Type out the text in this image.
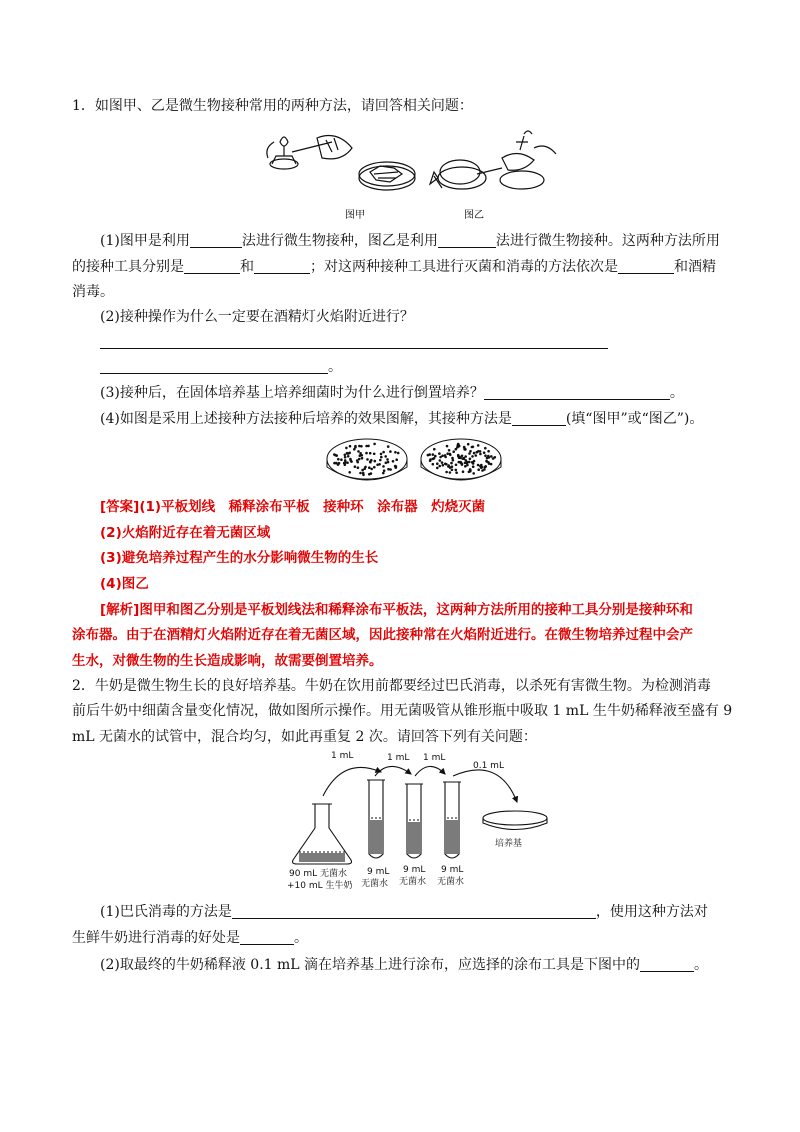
1．如图甲、乙是微生物接种常用的两种方法，请回答相关问题：
图甲	图乙
(1)图甲是利用	法进行微生物接种，图乙是利用	法进行微生物接种。这两种方法所用
的接种工具分别是	和	；对这两种接种工具进行灭菌和消毒的方法依次是	和酒精
消毒。
(2)接种操作为什么一定要在酒精灯火焰附近进行？
。
(3)接种后，在固体培养基上培养细菌时为什么进行倒置培养？	。
(4)如图是采用上述接种方法接种后培养的效果图解，其接种方法是	(填“图甲”或“图乙”)。
[答案](1)平板划线　稀释涂布平板　接种环　涂布器　灼烧灭菌
(2)火焰附近存在着无菌区域
(3)避免培养过程产生的水分影响微生物的生长
(4)图乙
[解析]图甲和图乙分别是平板划线法和稀释涂布平板法，这两种方法所用的接种工具分别是接种环和
涂布器。由于在酒精灯火焰附近存在着无菌区域，因此接种常在火焰附近进行。在微生物培养过程中会产
生水，对微生物的生长造成影响，故需要倒置培养。
2．牛奶是微生物生长的良好培养基。牛奶在饮用前都要经过巴氏消毒，以杀死有害微生物。为检测消毒
前后牛奶中细菌含量变化情况，做如图所示操作。用无菌吸管从锥形瓶中吸取 1 mL 生牛奶稀释液至盛有 9
mL 无菌水的试管中，混合均匀，如此再重复 2 次。请回答下列有关问题：
1 mL	1 mL 1 mL
0.1 mL
90 mL 无菌水
+10 mL 生牛奶
9 mL
无菌水
9 mL
无菌水
9 mL
无菌水
培养基
(1)巴氏消毒的方法是	，使用这种方法对
生鲜牛奶进行消毒的好处是	。
(2)取最终的牛奶稀释液 0.1 mL 滴在培养基上进行涂布，应选择的涂布工具是下图中的	。
